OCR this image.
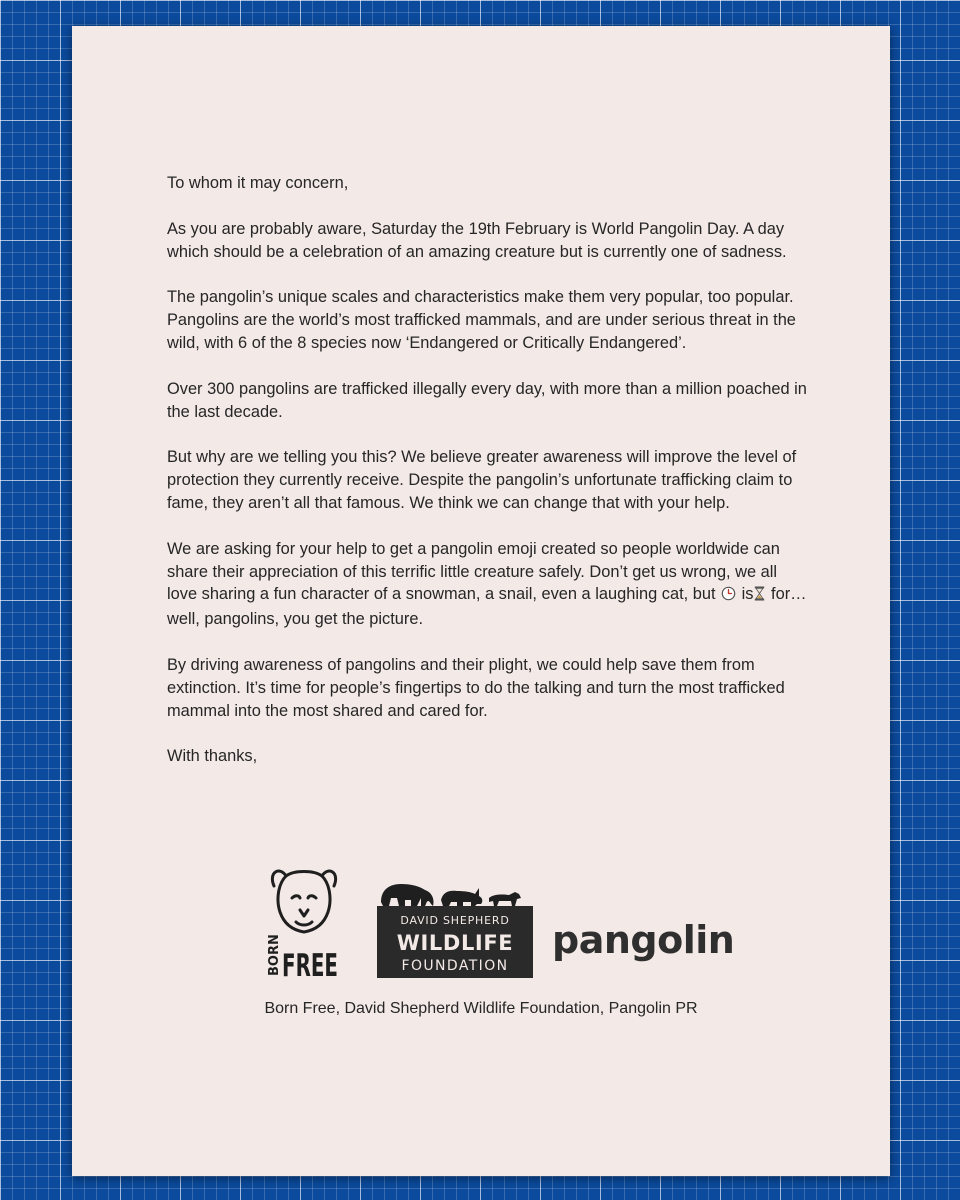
To whom it may concern,

As you are probably aware, Saturday the 19th February is World Pangolin Day. A day which should be a celebration of an amazing creature but is currently one of sadness.

The pangolin’s unique scales and characteristics make them very popular, too popular. Pangolins are the world’s most trafficked mammals, and are under serious threat in the wild, with 6 of the 8 species now ‘Endangered or Critically Endangered’.

Over 300 pangolins are trafficked illegally every day, with more than a million poached in the last decade.

But why are we telling you this? We believe greater awareness will improve the level of protection they currently receive. Despite the pangolin’s unfortunate trafficking claim to fame, they aren’t all that famous. We think we can change that with your help.

We are asking for your help to get a pangolin emoji created so people worldwide can share their appreciation of this terrific little creature safely. Don’t get us wrong, we all love sharing a fun character of a snowman, a snail, even a laughing cat, but  is for… well, pangolins, you get the picture.

By driving awareness of pangolins and their plight, we could help save them from extinction. It’s time for people’s fingertips to do the talking and turn the most trafficked mammal into the most shared and cared for.

With thanks,

BORN FREE
DAVID SHEPHERD
WILDLIFE
FOUNDATION
pangolin
Born Free, David Shepherd Wildlife Foundation, Pangolin PR
